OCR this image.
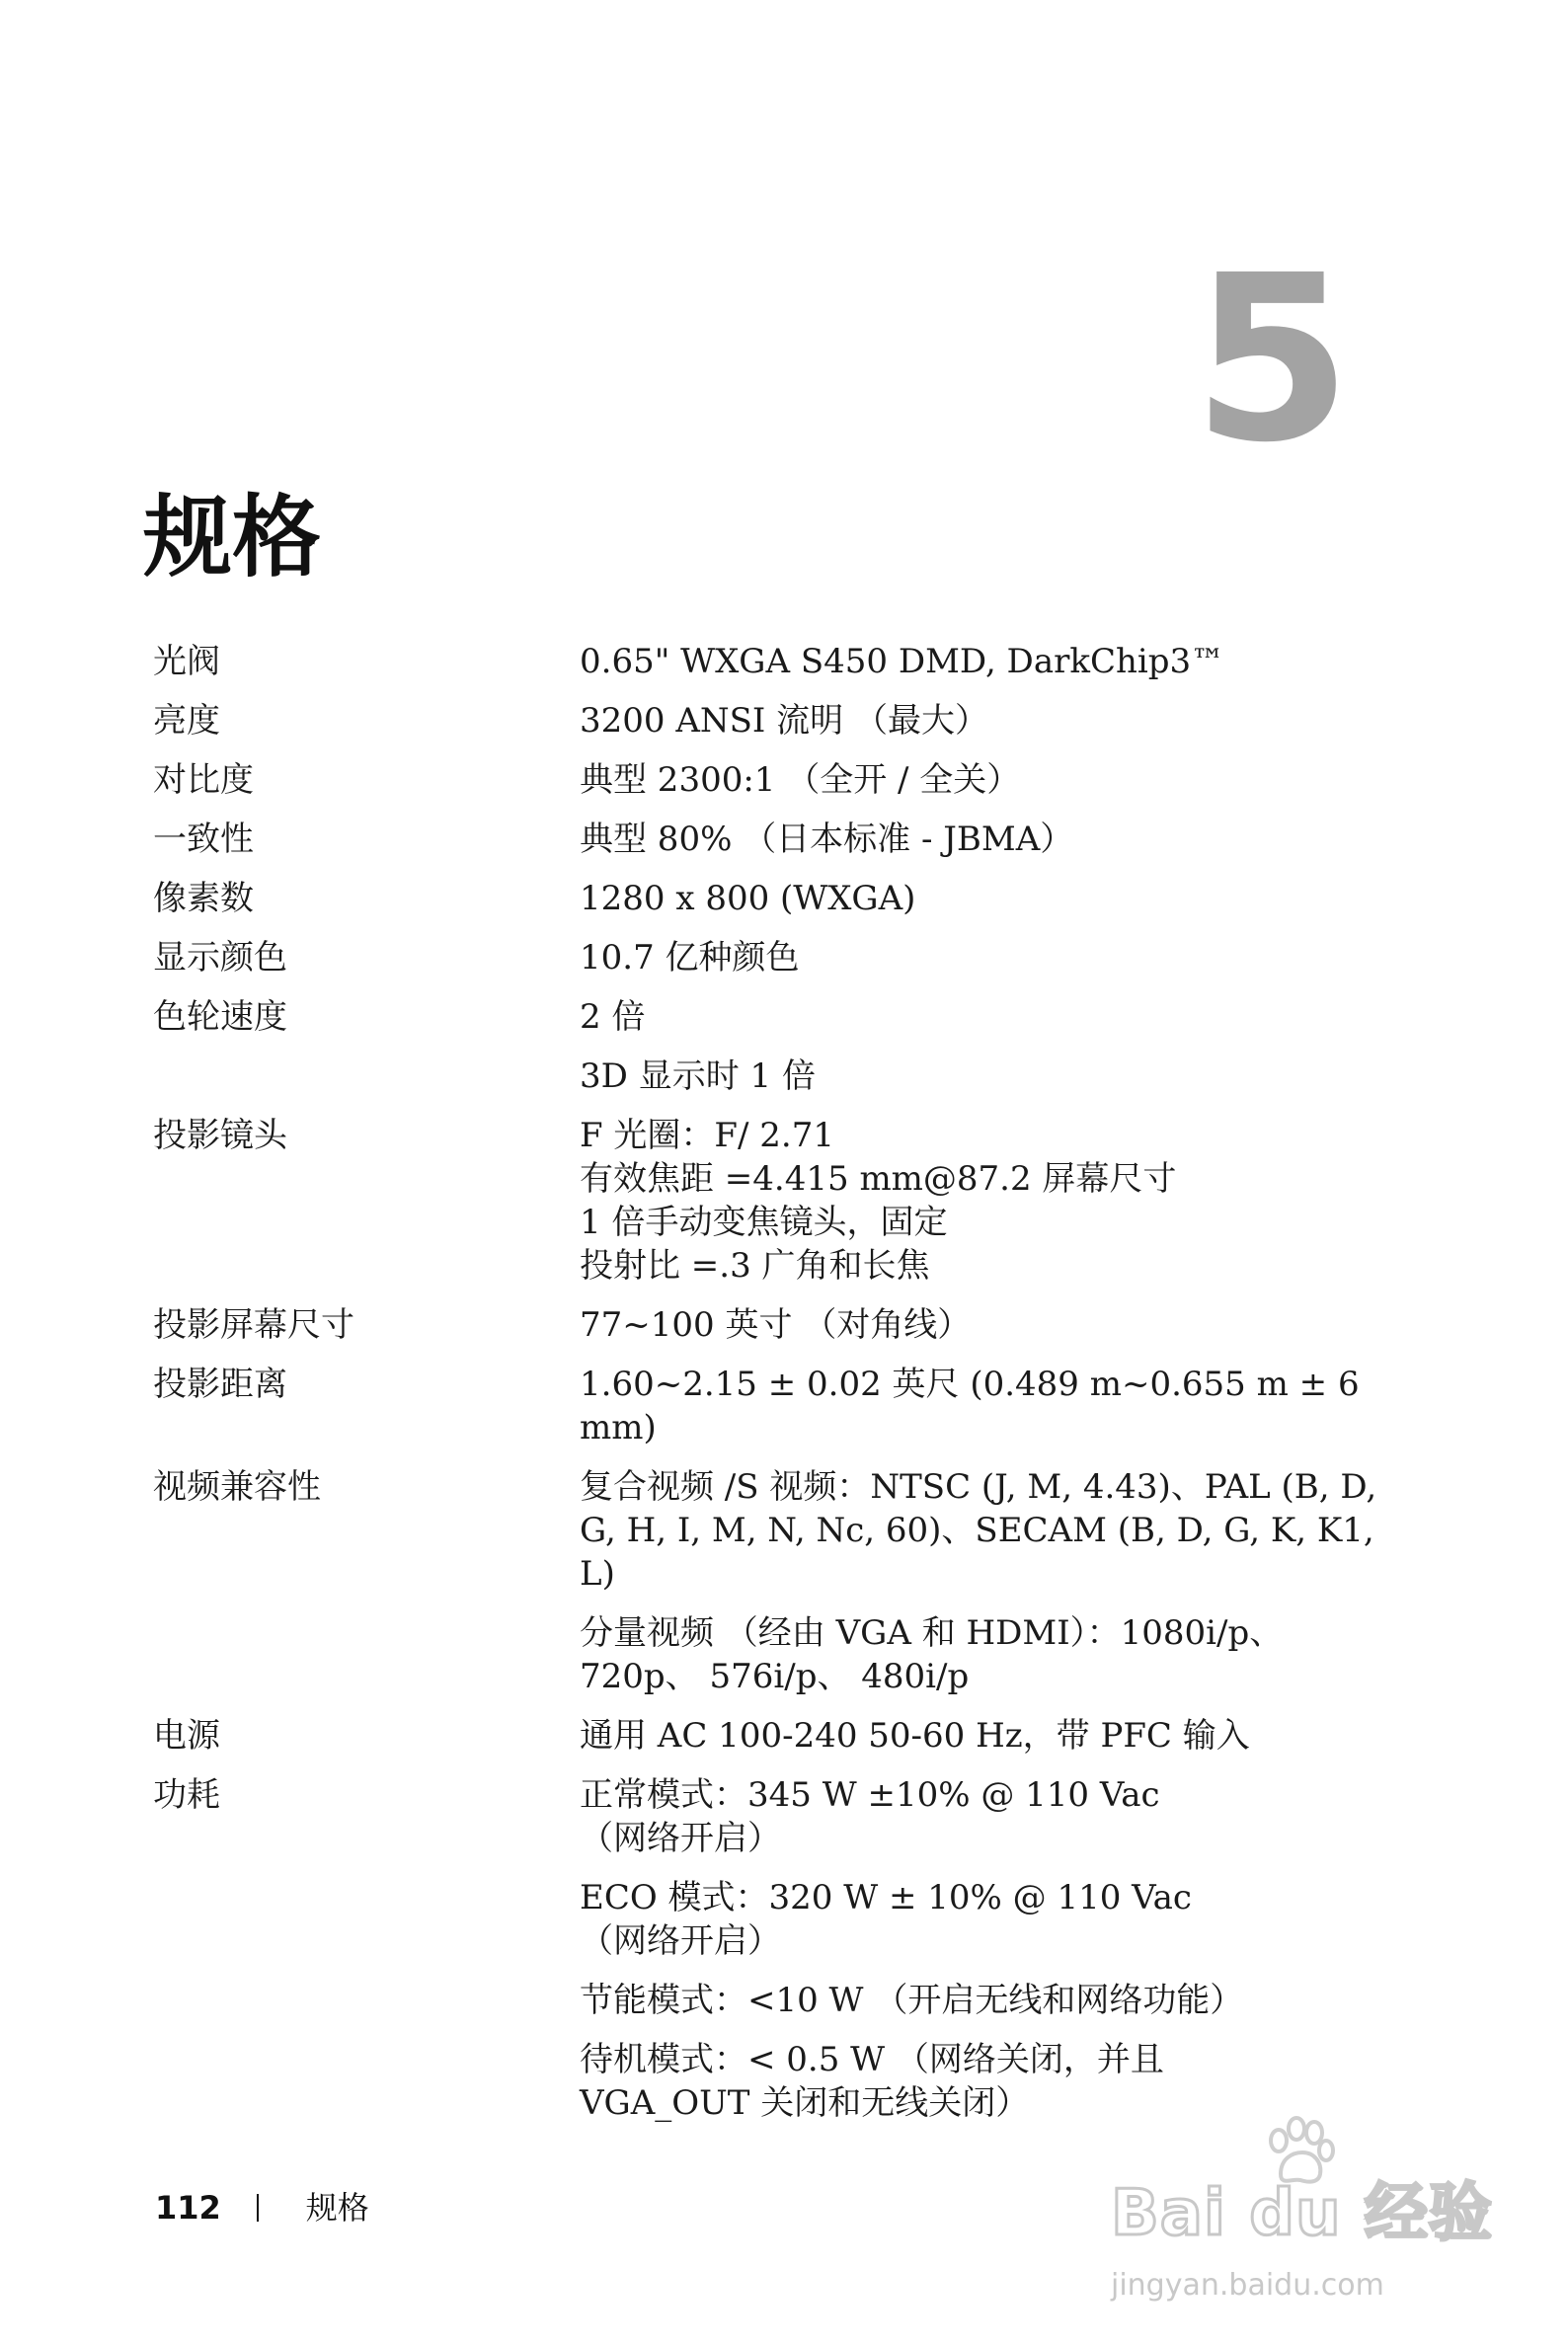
5
规格
光阀	0.65" WXGA S450 DMD, DarkChip3™
亮度	3200 ANSI 流明 （最大）
对比度	典型 2300:1 （全开 / 全关）
一致性	典型 80% （日本标准 - JBMA）
像素数	1280 x 800 (WXGA)
显示颜色	10.7 亿种颜色
色轮速度	2 倍
3D 显示时 1 倍
投影镜头	F 光圈：F/ 2.71
有效焦距 =4.415 mm@87.2 屏幕尺寸
1 倍手动变焦镜头，固定
投射比 =.3 广角和长焦
投影屏幕尺寸	77~100 英寸 （对角线）
投影距离	1.60~2.15 ± 0.02 英尺 (0.489 m~0.655 m ± 6
mm)
视频兼容性	复合视频 /S 视频：NTSC (J, M, 4.43)、PAL (B, D,
G, H, I, M, N, Nc, 60)、SECAM (B, D, G, K, K1, L)
分量视频 （经由 VGA 和 HDMI）：1080i/p、
720p、 576i/p、 480i/p
电源	通用 AC 100-240 50-60 Hz，带 PFC 输入
功耗	正常模式：345 W ±10% @ 110 Vac
（网络开启）
ECO 模式：320 W ± 10% @ 110 Vac
（网络开启）
节能模式：<10 W （开启无线和网络功能）
待机模式：< 0.5 W （网络关闭，并且
VGA_OUT 关闭和无线关闭）
112	规格	Bai du 经验
jingyan.baidu.com
